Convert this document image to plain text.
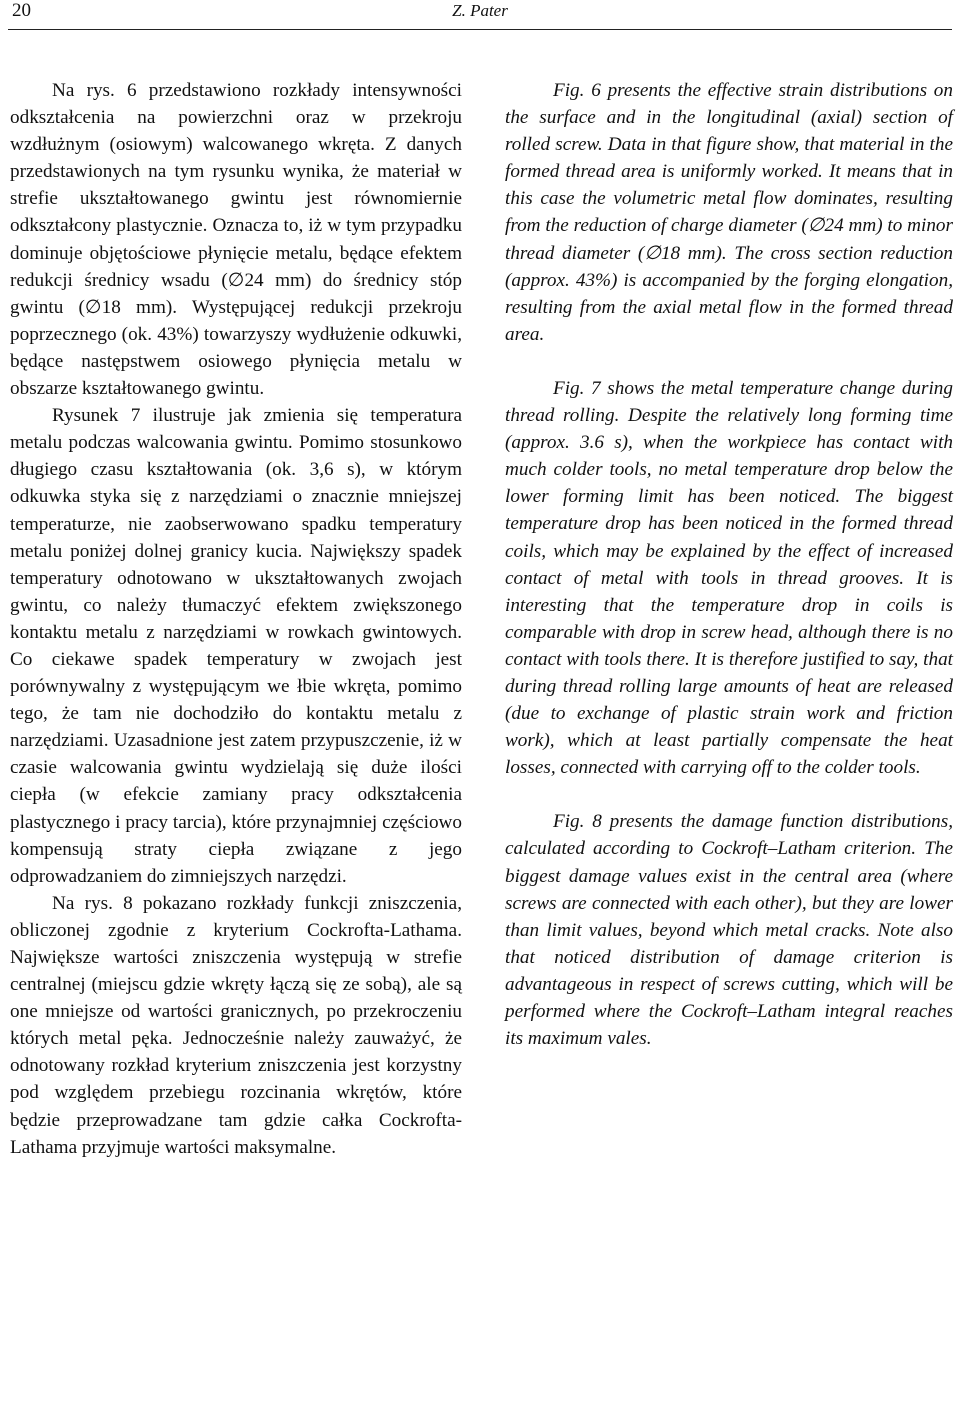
20	Z. Pater

Na rys. 6 przedstawiono rozkłady intensywności odkształcenia na powierzchni oraz w przekroju wzdłużnym (osiowym) walcowanego wkręta. Z danych przedstawionych na tym rysunku wynika, że materiał w strefie ukształtowanego gwintu jest równomiernie odkształcony plastycznie. Oznacza to, iż w tym przypadku dominuje objętościowe płynięcie metalu, będące efektem redukcji średnicy wsadu (∅24 mm) do średnicy stóp gwintu (∅18 mm). Występującej redukcji przekroju poprzecznego (ok. 43%) towarzyszy wydłużenie odkuwki, będące następstwem osiowego płynięcia metalu w obszarze kształtowanego gwintu.

Rysunek 7 ilustruje jak zmienia się temperatura metalu podczas walcowania gwintu. Pomimo stosunkowo długiego czasu kształtowania (ok. 3,6 s), w którym odkuwka styka się z narzędziami o znacznie mniejszej temperaturze, nie zaobserwowano spadku temperatury metalu poniżej dolnej granicy kucia. Największy spadek temperatury odnotowano w ukształtowanych zwojach gwintu, co należy tłumaczyć efektem zwiększonego kontaktu metalu z narzędziami w rowkach gwintowych. Co ciekawe spadek temperatury w zwojach jest porównywalny z występującym we łbie wkręta, pomimo tego, że tam nie dochodziło do kontaktu metalu z narzędziami. Uzasadnione jest zatem przypuszczenie, iż w czasie walcowania gwintu wydzielają się duże ilości ciepła (w efekcie zamiany pracy odkształcenia plastycznego i pracy tarcia), które przynajmniej częściowo kompensują straty ciepła związane z jego odprowadzaniem do zimniejszych narzędzi.

Na rys. 8 pokazano rozkłady funkcji zniszczenia, obliczonej zgodnie z kryterium Cockrofta-Lathama. Największe wartości zniszczenia występują w strefie centralnej (miejscu gdzie wkręty łączą się ze sobą), ale są one mniejsze od wartości granicznych, po przekroczeniu których metal pęka. Jednocześnie należy zauważyć, że odnotowany rozkład kryterium zniszczenia jest korzystny pod względem przebiegu rozcinania wkrętów, które będzie przeprowadzane tam gdzie całka Cockrofta-Lathama przyjmuje wartości maksymalne.

Fig. 6 presents the effective strain distributions on the surface and in the longitudinal (axial) section of rolled screw. Data in that figure show, that material in the formed thread area is uniformly worked. It means that in this case the volumetric metal flow dominates, resulting from the reduction of charge diameter (∅24 mm) to minor thread diameter (∅18 mm). The cross section reduction (approx. 43%) is accompanied by the forging elongation, resulting from the axial metal flow in the formed thread area.

Fig. 7 shows the metal temperature change during thread rolling. Despite the relatively long forming time (approx. 3.6 s), when the workpiece has contact with much colder tools, no metal temperature drop below the lower forming limit has been noticed. The biggest temperature drop has been noticed in the formed thread coils, which may be explained by the effect of increased contact of metal with tools in thread grooves. It is interesting that the temperature drop in coils is comparable with drop in screw head, although there is no contact with tools there. It is therefore justified to say, that during thread rolling large amounts of heat are released (due to exchange of plastic strain work and friction work), which at least partially compensate the heat losses, connected with carrying off to the colder tools.

Fig. 8 presents the damage function distributions, calculated according to Cockroft–Latham criterion. The biggest damage values exist in the central area (where screws are connected with each other), but they are lower than limit values, beyond which metal cracks. Note also that noticed distribution of damage criterion is advantageous in respect of screws cutting, which will be performed where the Cockroft–Latham integral reaches its maximum vales.
